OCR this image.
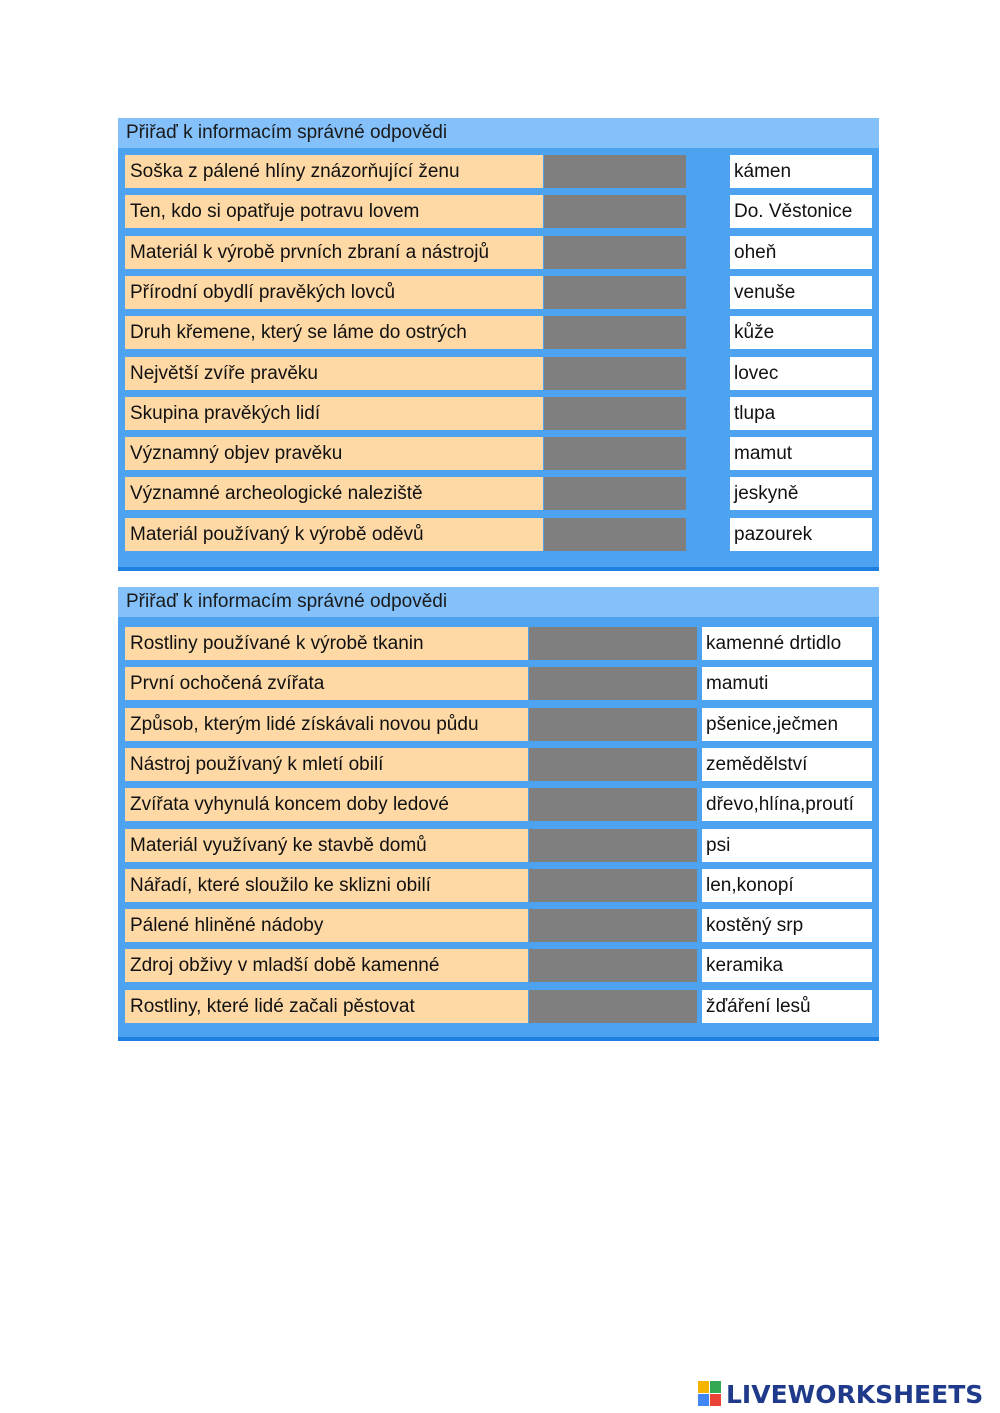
Přiřaď k informacím správné odpovědi
Soška z pálené hlíny znázorňující ženu	kámen
Ten, kdo si opatřuje potravu lovem	Do. Věstonice
Materiál k výrobě prvních zbraní a nástrojů	oheň
Přírodní obydlí pravěkých lovců	venuše
Druh křemene, který se láme do ostrých	kůže
Největší zvíře pravěku	lovec
Skupina pravěkých lidí	tlupa
Významný objev pravěku	mamut
Významné archeologické naleziště	jeskyně
Materiál používaný k výrobě oděvů	pazourek
Přiřaď k informacím správné odpovědi
Rostliny používané k výrobě tkanin	kamenné drtidlo
První ochočená zvířata	mamuti
Způsob, kterým lidé získávali novou půdu	pšenice,ječmen
Nástroj používaný k mletí obilí	zemědělství
Zvířata vyhynulá koncem doby ledové	dřevo,hlína,proutí
Materiál využívaný ke stavbě domů	psi
Nářadí, které sloužilo ke sklizni obilí	len,konopí
Pálené hliněné nádoby	kostěný srp
Zdroj obživy v mladší době kamenné	keramika
Rostliny, které lidé začali pěstovat	žďáření lesů
LIVEWORKSHEETS
